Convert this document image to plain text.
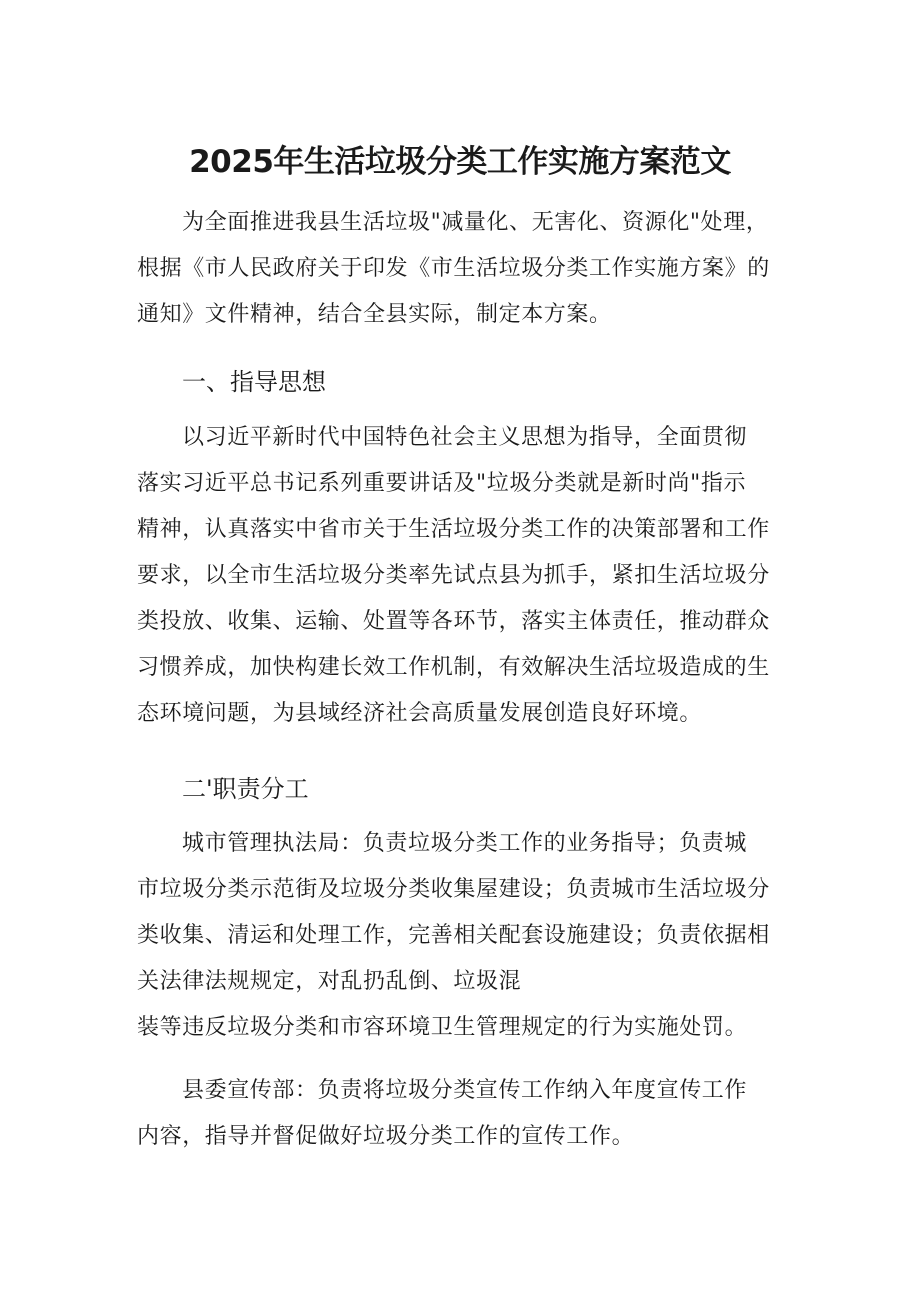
2025年生活垃圾分类工作实施方案范文
为全面推进我县生活垃圾"减量化、无害化、资源化"处理，
根据《市人民政府关于印发《市生活垃圾分类工作实施方案》的
通知》文件精神，结合全县实际，制定本方案。
一、指导思想
以习近平新时代中国特色社会主义思想为指导，全面贯彻
落实习近平总书记系列重要讲话及"垃圾分类就是新时尚"指示
精神，认真落实中省市关于生活垃圾分类工作的决策部署和工作
要求，以全市生活垃圾分类率先试点县为抓手，紧扣生活垃圾分
类投放、收集、运输、处置等各环节，落实主体责任，推动群众
习惯养成，加快构建长效工作机制，有效解决生活垃圾造成的生
态环境问题，为县域经济社会高质量发展创造良好环境。
二'职责分工
城市管理执法局：负责垃圾分类工作的业务指导；负责城
市垃圾分类示范街及垃圾分类收集屋建设；负责城市生活垃圾分
类收集、清运和处理工作，完善相关配套设施建设；负责依据相
关法律法规规定，对乱扔乱倒、垃圾混
装等违反垃圾分类和市容环境卫生管理规定的行为实施处罚。
县委宣传部：负责将垃圾分类宣传工作纳入年度宣传工作
内容，指导并督促做好垃圾分类工作的宣传工作。
